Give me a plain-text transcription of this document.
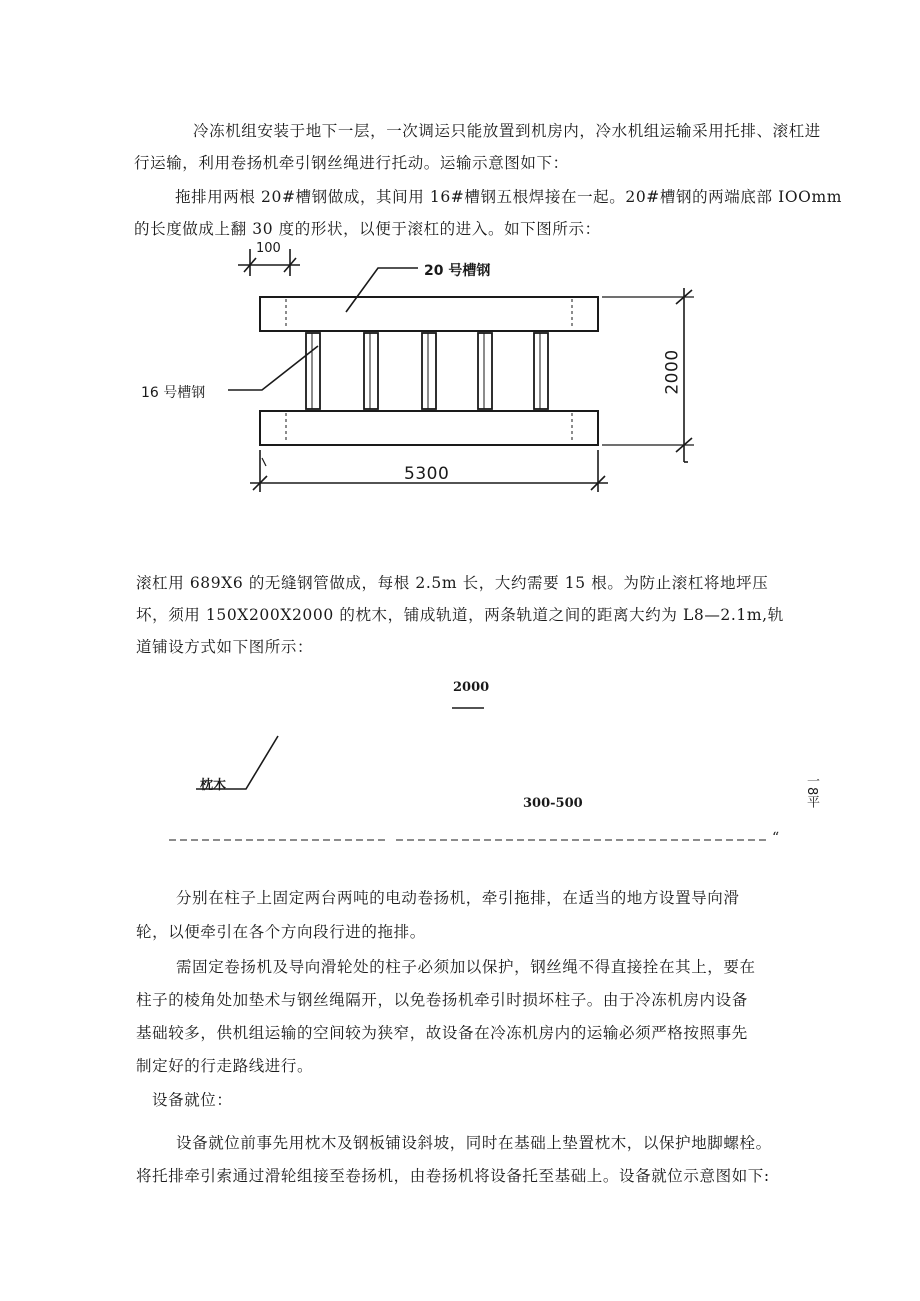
冷冻机组安装于地下一层，一次调运只能放置到机房内，冷水机组运输采用托排、滚杠进
行运输，利用卷扬机牵引钢丝绳进行托动。运输示意图如下：
拖排用两根 20#槽钢做成，其间用 16#槽钢五根焊接在一起。20#槽钢的两端底部 IOOmm
的长度做成上翻 30 度的形状，以便于滚杠的进入。如下图所示：
100
20 号槽钢
16 号槽钢	2000
5300
滚杠用 689X6 的无缝钢管做成，每根 2.5m 长，大约需要 15 根。为防止滚杠将地坪压
坏，须用 150X200X2000 的枕木，铺成轨道，两条轨道之间的距离大约为 L8—2.1m,轨
道铺设方式如下图所示：
2000
==一
枕木
300-500	一8平
“
分别在柱子上固定两台两吨的电动卷扬机，牵引拖排，在适当的地方设置导向滑
轮，以便牵引在各个方向段行进的拖排。
需固定卷扬机及导向滑轮处的柱子必须加以保护，钢丝绳不得直接拴在其上，要在
柱子的棱角处加垫术与钢丝绳隔开，以免卷扬机牵引时损坏柱子。由于冷冻机房内设备
基础较多，供机组运输的空间较为狭窄，故设备在冷冻机房内的运输必须严格按照事先
制定好的行走路线进行。
设备就位：
设备就位前事先用枕木及钢板铺设斜坡，同时在基础上垫置枕木，以保护地脚螺栓。
将托排牵引索通过滑轮组接至卷扬机，由卷扬机将设备托至基础上。设备就位示意图如下:
